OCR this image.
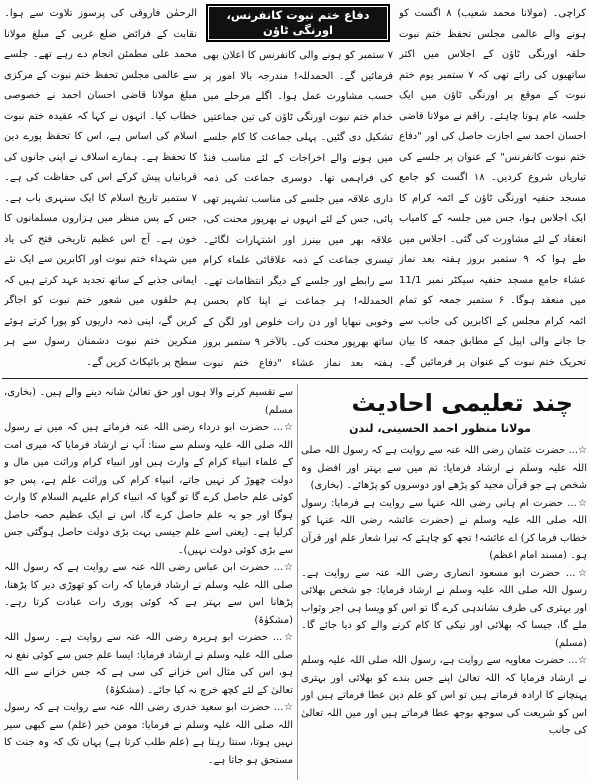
کراچی۔ (مولانا محمد شعیب) ۸ اگست کو ہونے والے عالمی مجلس تحفظ ختم نبوت حلقہ اورنگی ٹاؤن کے اجلاس میں اکثر ساتھیوں کی رائے تھی کہ ۷ ستمبر یوم ختم نبوت کے موقع پر اورنگی ٹاؤن میں ایک جلسہ عام ہونا چاہئے۔ راقم نے مولانا قاضی احسان احمد سے اجازت حاصل کی اور "دفاع ختم نبوت کانفرنس" کے عنوان پر جلسے کی تیاریاں شروع کردیں۔ ۱۸ اگست کو جامع مسجد حنفیہ اورنگی ٹاؤن کے ائمہ کرام کا ایک اجلاس ہوا، جس میں جلسہ کے کامیاب انعقاد کے لئے مشاورت کی گئی۔ اجلاس میں طے ہوا کہ ۹ ستمبر بروز ہفتہ بعد نماز عشاء جامع مسجد حنفیہ سیکٹر نمبر 11/1 میں منعقد ہوگا۔ ۶ ستمبر جمعہ کو تمام ائمہ کرام مجلس کے اکابرین کی جانب سے جا جانے والی اپیل کے مطابق جمعہ کا بیان تحریک ختم نبوت کے عنوان پر فرمائیں گے۔

دفاع ختم نبوت کانفرنس، اورنگی ٹاؤن

۷ ستمبر کو ہونے والی کانفرنس کا اعلان بھی فرمائیں گے۔ الحمدللہ! مندرجہ بالا امور پر حسب مشاورت عمل ہوا۔ اگلے مرحلے میں خدام ختم نبوت اورنگی ٹاؤن کی تین جماعتیں تشکیل دی گئیں۔ پہلی جماعت کا کام جلسے میں ہونے والے اخراجات کے لئے مناسب فنڈ کی فراہمی تھا۔ دوسری جماعت کی ذمہ داری علاقہ میں جلسے کی مناسب تشہیر تھی پائی، جس کے لئے انہوں نے بھرپور محنت کی، علاقہ بھر میں بینرز اور اشتہارات لگائے۔ تیسری جماعت کے ذمہ علاقائی علماء کرام سے رابطے اور جلسے کے دیگر انتظامات تھے۔ الحمدللہ! ہر جماعت نے اپنا کام بحسن وخوبی نبھایا اور دن رات خلوص اور لگن کے ساتھ بھرپور محنت کی۔ بالآخر ۹ ستمبر بروز ہفتہ بعد نماز عشاء "دفاع ختم نبوت

الرحمٰن فاروقی کی پرسوز تلاوت سے ہوا۔ نقابت کے فرائض ضلع غربی کے مبلغ مولانا محمد علی مطمئن انجام دے رہے تھے۔ جلسے سے عالمی مجلس تحفظ ختم نبوت کے مرکزی مبلغ مولانا قاضی احسان احمد نے خصوصی خطاب کیا۔ انہوں نے کہا کہ عقیدہ ختم نبوت اسلام کی اساس ہے، اس کا تحفظ پورے دین کا تحفظ ہے۔ ہمارے اسلاف نے اپنی جانوں کی قربانیاں پیش کرکے اس کی حفاظت کی ہے۔ ۷ ستمبر تاریخ اسلام کا ایک سنہری باب ہے۔ جس کے پس منظر میں ہزاروں مسلمانوں کا خون ہے۔ آج اس عظیم تاریخی فتح کی یاد میں شہداء ختم نبوت اور اکابرین سے ایک نئے ایمانی جذبے کے ساتھ تجدید عہد کرتے ہیں کہ ہم حلقوں میں شعور ختم نبوت کو اجاگر کریں گے، اپنی ذمہ داریوں کو پورا کرتے ہوئے منکرین ختم نبوت دشمنان رسول سے ہر سطح پر بائیکاٹ کریں گے۔

چند تعلیمی احادیث
مولانا منظور احمد الحسینی، لندن

☆... حضرت عثمان رضی اللہ عنہ سے روایت ہے کہ رسول اللہ صلی اللہ علیہ وسلم نے ارشاد فرمایا: تم میں سے بہتر اور افضل وہ شخص ہے جو قرآن مجید کو پڑھے اور دوسروں کو پڑھائے۔ (بخاری)

☆... حضرت ام ہانی رضی اللہ عنہا سے روایت ہے فرمایا: رسول اللہ صلی اللہ علیہ وسلم نے (حضرت عائشہ رضی اللہ عنہا کو خطاب فرما کر) اے عائشہ! تجھ کو چاہئے کہ تیرا شعار علم اور قرآن ہو۔ (مسند امام اعظم)

☆... حضرت ابو مسعود انصاری رضی اللہ عنہ سے روایت ہے۔ رسول اللہ صلی اللہ علیہ وسلم نے ارشاد فرمایا: جو شخص بھلائی اور بہتری کی طرف نشاندہی کرے گا تو اس کو ویسا ہی اجر وثواب ملے گا، جیسا کہ بھلائی اور نیکی کا کام کرنے والے کو دیا جائے گا۔ (مسلم)

☆... حضرت معاویہ سے روایت ہے، رسول اللہ صلی اللہ علیہ وسلم نے ارشاد فرمایا کہ اللہ تعالیٰ اپنے جس بندے کو بھلائی اور بہتری پہنچانے کا ارادہ فرماتے ہیں تو اس کو علم دین عطا فرماتے ہیں اور اس کو شریعت کی سوجھ بوجھ عطا فرماتے ہیں اور میں اللہ تعالیٰ کی جانب

سے تقسیم کرنے والا ہوں اور حق تعالیٰ شانہ دینے والے ہیں۔ (بخاری، مسلم)

☆... حضرت ابو درداء رضی اللہ عنہ فرماتے ہیں کہ میں نے رسول اللہ صلی اللہ علیہ وسلم سے سنا: آپ نے ارشاد فرمایا کہ میری امت کے علماء انبیاء کرام کے وارث ہیں اور انبیاء کرام وراثت میں مال و دولت چھوڑ کر نہیں جاتے، انبیاء کرام کی وراثت علم ہے، پس جو کوئی علم حاصل کرے گا تو گویا کہ انبیاء کرام علیہم السلام کا وارث ہوگا اور جو یہ علم حاصل کرے گا، اس نے ایک عظیم حصہ حاصل کرلیا ہے۔ (یعنی اسے علم جیسی بہت بڑی دولت حاصل ہوگئی جس سے بڑی کوئی دولت نہیں)۔

☆... حضرت ابن عباس رضی اللہ عنہ سے روایت ہے کہ رسول اللہ صلی اللہ علیہ وسلم نے ارشاد فرمایا کہ رات کو تھوڑی دیر کا پڑھنا، پڑھانا اس سے بہتر ہے کہ کوئی پوری رات عبادت کرتا رہے۔ (مشکوٰۃ)

☆... حضرت ابو ہریرہ رضی اللہ عنہ سے روایت ہے۔ رسول اللہ صلی اللہ علیہ وسلم نے ارشاد فرمایا: ایسا علم جس سے کوئی نفع نہ ہو، اس کی مثال اس خزانے کی سی ہے کہ جس خزانے سے اللہ تعالیٰ کے لئے کچھ خرچ نہ کیا جائے۔ (مشکوٰۃ)

☆... حضرت ابو سعید خدری رضی اللہ عنہ سے روایت ہے کہ رسول اللہ صلی اللہ علیہ وسلم نے فرمایا: مومن خیر (علم) سے کبھی سیر نہیں ہوتا، سنتا رہتا ہے (علم طلب کرتا ہے) یہاں تک کہ وہ جنت کا مستحق ہو جاتا ہے۔
